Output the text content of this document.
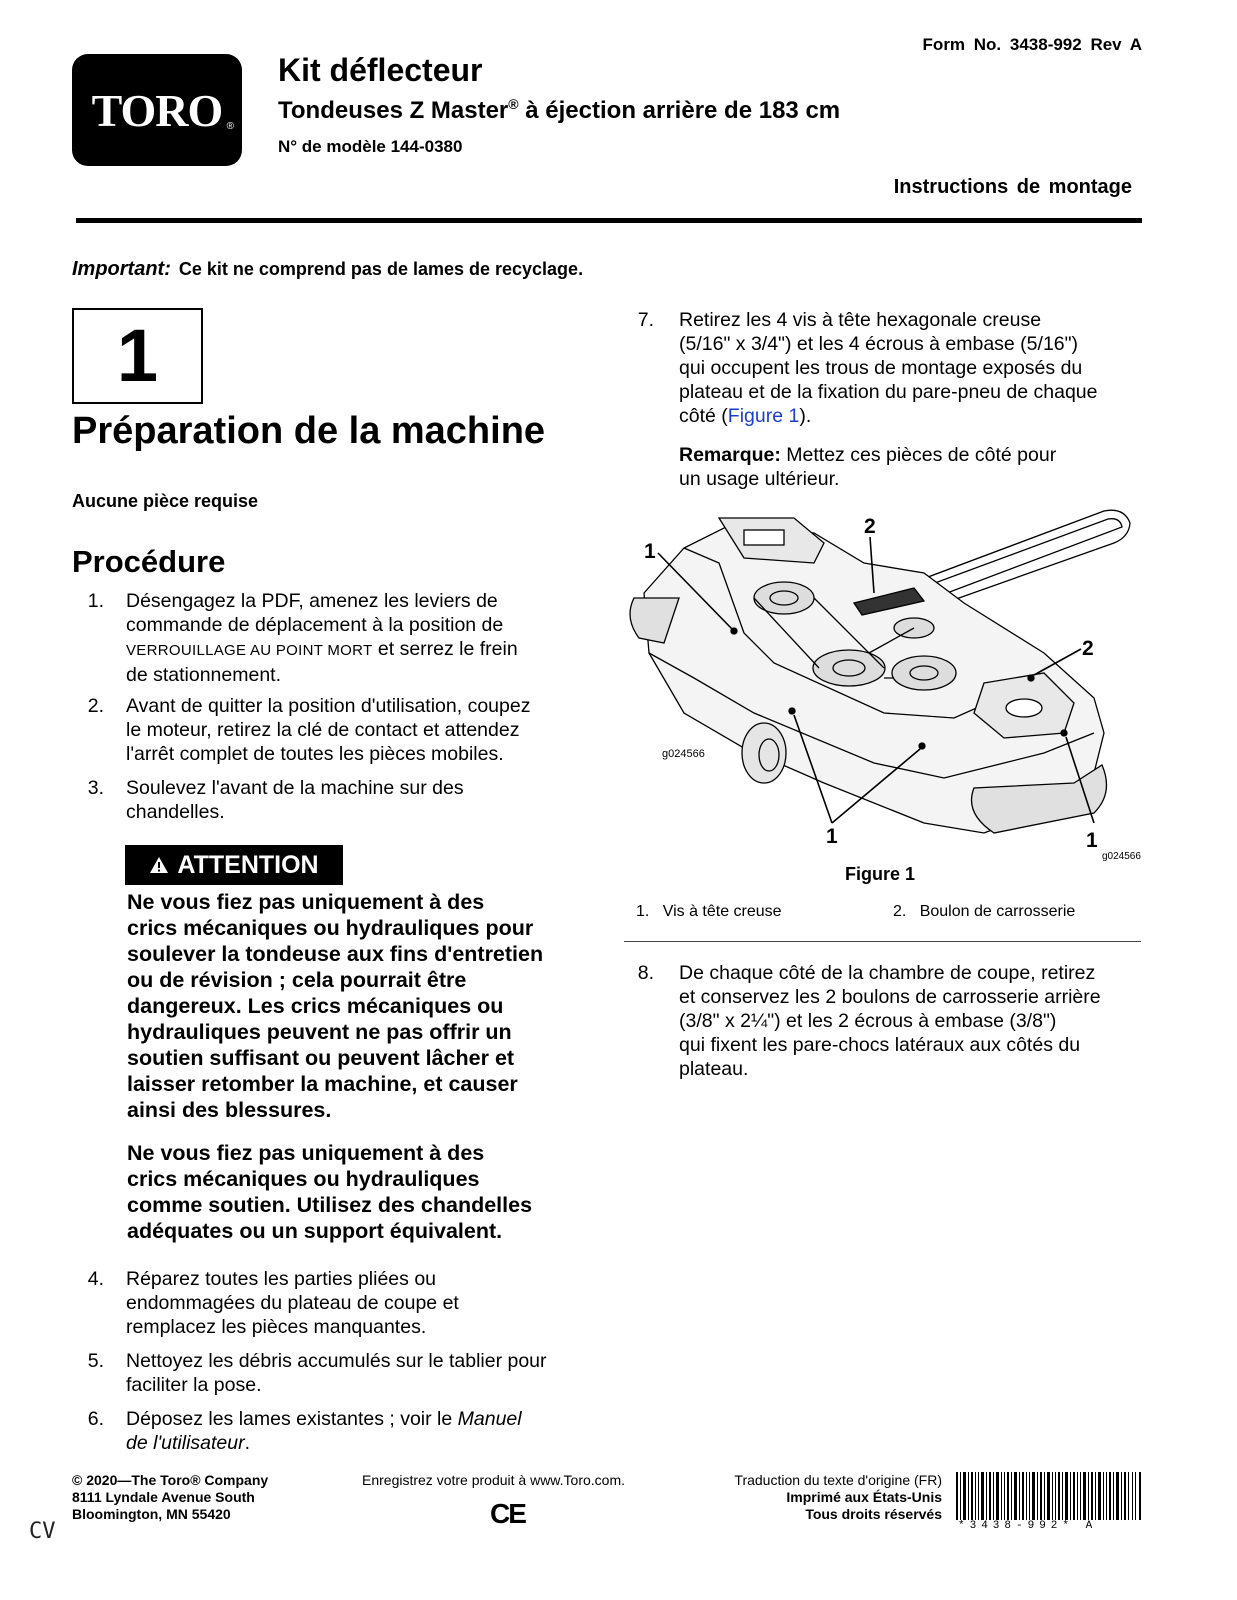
TORO ®
Form No. 3438-992 Rev A
Kit déflecteur
Tondeuses Z Master® à éjection arrière de 183 cm
N° de modèle 144-0380
Instructions de montage
Important: Ce kit ne comprend pas de lames de recyclage.
1
Préparation de la machine
Aucune pièce requise
Procédure
1. Désengagez la PDF, amenez les leviers de
commande de déplacement à la position de
VERROUILLAGE AU POINT MORT et serrez le frein
de stationnement.
2. Avant de quitter la position d'utilisation, coupez
le moteur, retirez la clé de contact et attendez
l'arrêt complet de toutes les pièces mobiles.
3. Soulevez l'avant de la machine sur des
chandelles.
ATTENTION
Ne vous fiez pas uniquement à des
crics mécaniques ou hydrauliques pour
soulever la tondeuse aux fins d'entretien
ou de révision ; cela pourrait être
dangereux. Les crics mécaniques ou
hydrauliques peuvent ne pas offrir un
soutien suffisant ou peuvent lâcher et
laisser retomber la machine, et causer
ainsi des blessures.
Ne vous fiez pas uniquement à des
crics mécaniques ou hydrauliques
comme soutien. Utilisez des chandelles
adéquates ou un support équivalent.
4. Réparez toutes les parties pliées ou
endommagées du plateau de coupe et
remplacez les pièces manquantes.
5. Nettoyez les débris accumulés sur le tablier pour
faciliter la pose.
6. Déposez les lames existantes ; voir le Manuel
de l'utilisateur.
7. Retirez les 4 vis à tête hexagonale creuse
(5/16" x 3/4") et les 4 écrous à embase (5/16")
qui occupent les trous de montage exposés du
plateau et de la fixation du pare-pneu de chaque
côté (Figure 1).
Remarque: Mettez ces pièces de côté pour
un usage ultérieur.
1
2
2
1	1
g024566
g024566
Figure 1
1. Vis à tête creuse	2. Boulon de carrosserie
8. De chaque côté de la chambre de coupe, retirez
et conservez les 2 boulons de carrosserie arrière
(3/8" x 2¼") et les 2 écrous à embase (3/8")
qui fixent les pare-chocs latéraux aux côtés du
plateau.
© 2020—The Toro® Company
8111 Lyndale Avenue South
Bloomington, MN 55420
Enregistrez votre produit à www.Toro.com.
CE
Traduction du texte d'origine (FR)
Imprimé aux États-Unis
Tous droits réservés
*3438-992* A
CV
